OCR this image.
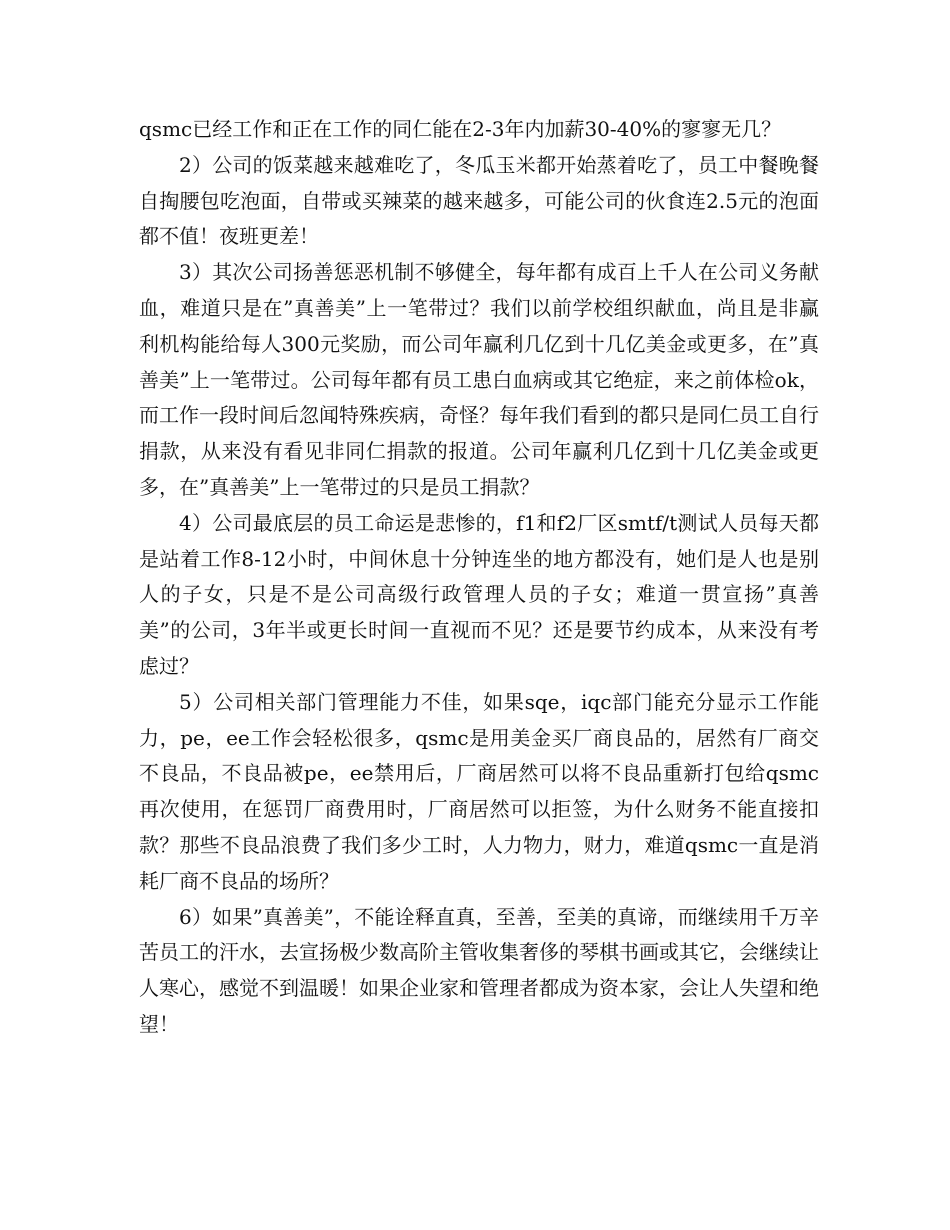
qsmc已经工作和正在工作的同仁能在2-3年内加薪30-40%的寥寥无几？

2）公司的饭菜越来越难吃了，冬瓜玉米都开始蒸着吃了，员工中餐晚餐自掏腰包吃泡面，自带或买辣菜的越来越多，可能公司的伙食连2.5元的泡面都不值！夜班更差！

3）其次公司扬善惩恶机制不够健全，每年都有成百上千人在公司义务献血，难道只是在”真善美”上一笔带过？我们以前学校组织献血，尚且是非赢利机构能给每人300元奖励，而公司年赢利几亿到十几亿美金或更多，在”真善美”上一笔带过。公司每年都有员工患白血病或其它绝症，来之前体检ok，而工作一段时间后忽闻特殊疾病，奇怪？每年我们看到的都只是同仁员工自行捐款，从来没有看见非同仁捐款的报道。公司年赢利几亿到十几亿美金或更多，在”真善美”上一笔带过的只是员工捐款？

4）公司最底层的员工命运是悲惨的，f1和f2厂区smtf/t测试人员每天都是站着工作8-12小时，中间休息十分钟连坐的地方都没有，她们是人也是别人的子女，只是不是公司高级行政管理人员的子女；难道一贯宣扬”真善美”的公司，3年半或更长时间一直视而不见？还是要节约成本，从来没有考虑过？

5）公司相关部门管理能力不佳，如果sqe，iqc部门能充分显示工作能力，pe，ee工作会轻松很多，qsmc是用美金买厂商良品的，居然有厂商交不良品，不良品被pe，ee禁用后，厂商居然可以将不良品重新打包给qsmc再次使用，在惩罚厂商费用时，厂商居然可以拒签，为什么财务不能直接扣款？那些不良品浪费了我们多少工时，人力物力，财力，难道qsmc一直是消耗厂商不良品的场所？

6）如果”真善美”，不能诠释直真，至善，至美的真谛，而继续用千万辛苦员工的汗水，去宣扬极少数高阶主管收集奢侈的琴棋书画或其它，会继续让人寒心，感觉不到温暖！如果企业家和管理者都成为资本家，会让人失望和绝望！
